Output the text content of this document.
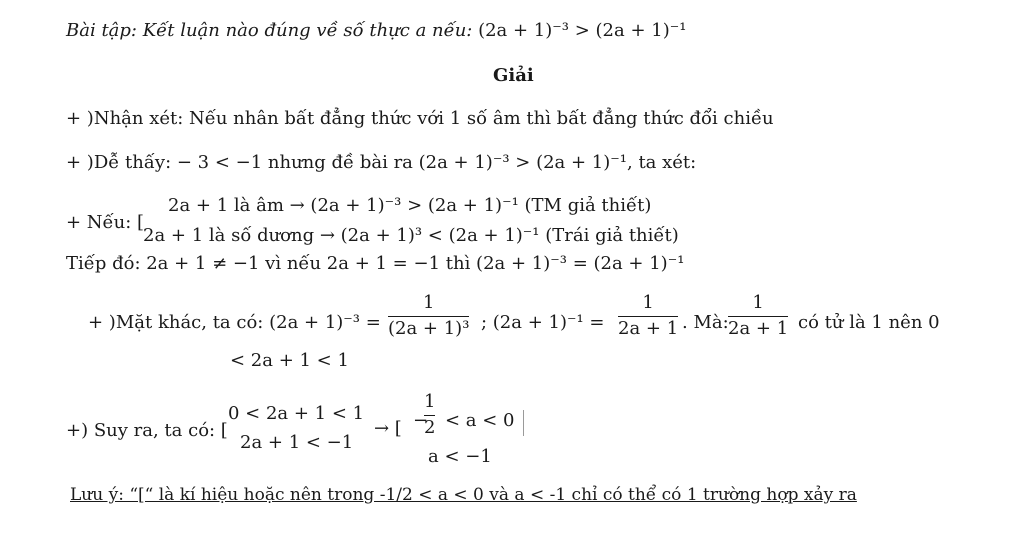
Bài tập: Kết luận nào đúng về số thực a nếu: (2a + 1)⁻³ > (2a + 1)⁻¹
Giải
+ )Nhận xét: Nếu nhân bất đẳng thức với 1 số âm thì bất đẳng thức đổi chiều
+ )Dễ thấy: − 3 < −1 nhưng đề bài ra (2a + 1)⁻³ > (2a + 1)⁻¹, ta xét:
+ Nếu: [
2a + 1 là âm → (2a + 1)⁻³ > (2a + 1)⁻¹ (TM giả thiết)
2a + 1 là số dương → (2a + 1)³ < (2a + 1)⁻¹ (Trái giả thiết)
Tiếp đó: 2a + 1 ≠ −1 vì nếu 2a + 1 = −1 thì (2a + 1)⁻³ = (2a + 1)⁻¹
+ )Mặt khác, ta có: (2a + 1)⁻³ =
1
(2a + 1)³ ; (2a + 1)⁻¹ =
1
2a + 1 . Mà:
1
2a + 1 có tử là 1 nên 0
< 2a + 1 < 1
+) Suy ra, ta có: [
0 < 2a + 1 < 1
2a + 1 < −1
→ [ −
1
2 < a < 0
a < −1
Lưu ý: “[“ là kí hiệu hoặc nên trong -1/2 < a < 0 và a < -1 chỉ có thể có 1 trường hợp xảy ra
